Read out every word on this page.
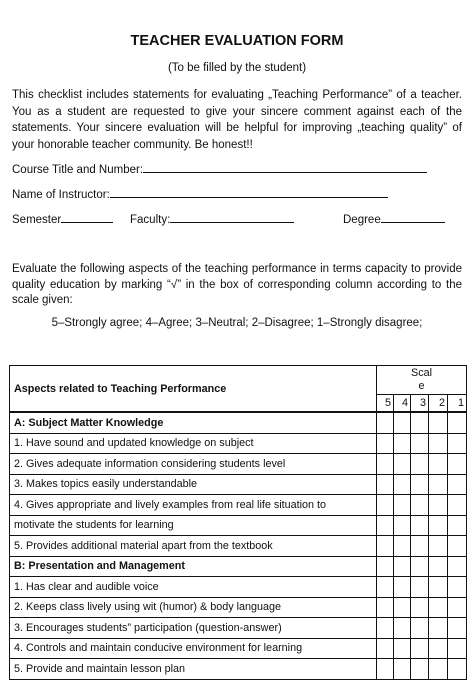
TEACHER EVALUATION FORM
(To be filled by the student)
This checklist includes statements for evaluating „Teaching Performance” of a teacher. You as a student are requested to give your sincere comment against each of the statements. Your sincere evaluation will be helpful for improving „teaching quality” of your honorable teacher community. Be honest!!
Course Title and Number:
Name of Instructor:
Semester	Faculty:	Degree
Evaluate the following aspects of the teaching performance in terms capacity to provide quality education by marking “√” in the box of corresponding column according to the scale given:
5–Strongly agree; 4–Agree; 3–Neutral; 2–Disagree; 1–Strongly disagree;
Aspects related to Teaching Performance	Scal
e				
	5	4	3	2	1
A: Subject Matter Knowledge					
1. Have sound and updated knowledge on subject					
2. Gives adequate information considering students level					
3. Makes topics easily understandable					
4. Gives appropriate and lively examples from real life situation to					
motivate the students for learning					
5. Provides additional material apart from the textbook					
B: Presentation and Management					
1. Has clear and audible voice					
2. Keeps class lively using wit (humor) & body language					
3. Encourages students” participation (question-answer)					
4. Controls and maintain conducive environment for learning					
5. Provide and maintain lesson plan					
